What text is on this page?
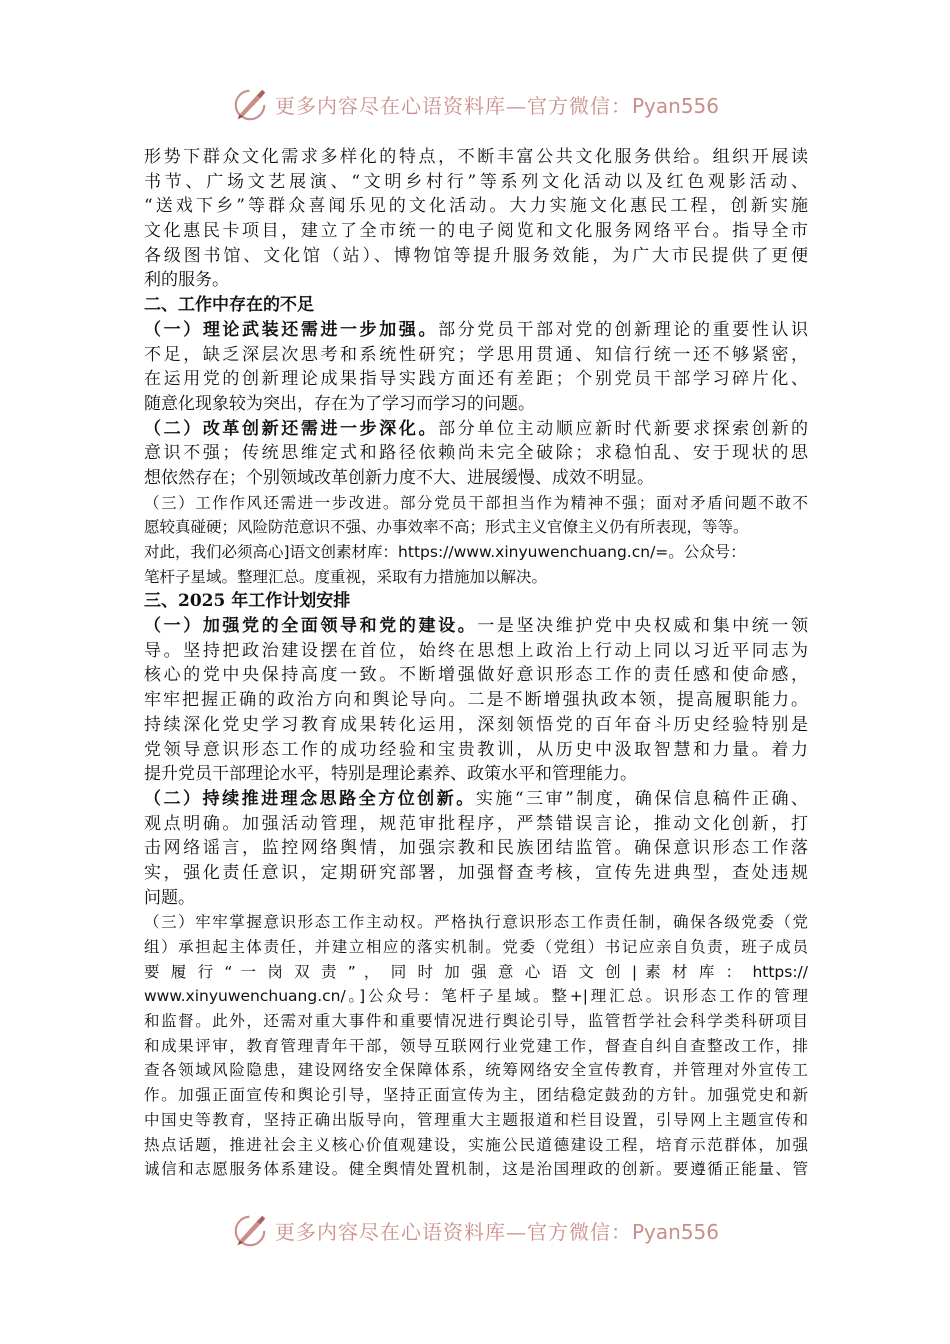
更多内容尽在心语资料库—官方微信：Pyan556
形势下群众文化需求多样化的特点，不断丰富公共文化服务供给。组织开展读
书节、广场文艺展演、“文明乡村行”等系列文化活动以及红色观影活动、
“送戏下乡”等群众喜闻乐见的文化活动。大力实施文化惠民工程，创新实施
文化惠民卡项目，建立了全市统一的电子阅览和文化服务网络平台。指导全市
各级图书馆、文化馆（站）、博物馆等提升服务效能，为广大市民提供了更便
利的服务。
二、工作中存在的不足
（一）理论武装还需进一步加强。部分党员干部对党的创新理论的重要性认识
不足，缺乏深层次思考和系统性研究；学思用贯通、知信行统一还不够紧密，
在运用党的创新理论成果指导实践方面还有差距；个别党员干部学习碎片化、
随意化现象较为突出，存在为了学习而学习的问题。
（二）改革创新还需进一步深化。部分单位主动顺应新时代新要求探索创新的
意识不强；传统思维定式和路径依赖尚未完全破除；求稳怕乱、安于现状的思
想依然存在；个别领域改革创新力度不大、进展缓慢、成效不明显。
（三）工作作风还需进一步改进。部分党员干部担当作为精神不强；面对矛盾问题不敢不
愿较真碰硬；风险防范意识不强、办事效率不高；形式主义官僚主义仍有所表现，等等。
对此，我们必须高心]语文创素材库：https://www.xinyuwenchuang.cn/=。公众号：
笔杆子星域。整理汇总。度重视，采取有力措施加以解决。
三、2025 年工作计划安排
（一）加强党的全面领导和党的建设。一是坚决维护党中央权威和集中统一领
导。坚持把政治建设摆在首位，始终在思想上政治上行动上同以习近平同志为
核心的党中央保持高度一致。不断增强做好意识形态工作的责任感和使命感，
牢牢把握正确的政治方向和舆论导向。二是不断增强执政本领，提高履职能力。
持续深化党史学习教育成果转化运用，深刻领悟党的百年奋斗历史经验特别是
党领导意识形态工作的成功经验和宝贵教训，从历史中汲取智慧和力量。着力
提升党员干部理论水平，特别是理论素养、政策水平和管理能力。
（二）持续推进理念思路全方位创新。实施“三审”制度，确保信息稿件正确、
观点明确。加强活动管理，规范审批程序，严禁错误言论，推动文化创新，打
击网络谣言，监控网络舆情，加强宗教和民族团结监管。确保意识形态工作落
实，强化责任意识，定期研究部署，加强督查考核，宣传先进典型，查处违规
问题。
（三）牢牢掌握意识形态工作主动权。严格执行意识形态工作责任制，确保各级党委（党
组）承担起主体责任，并建立相应的落实机制。党委（党组）书记应亲自负责，班子成员
要 履 行 “ 一 岗 双 责 ” ， 同 时 加 强 意 心 语 文 创 | 素 材 库 ： https://
www.xinyuwenchuang.cn/。]公众号：笔杆子星域。整+|理汇总。识形态工作的管理
和监督。此外，还需对重大事件和重要情况进行舆论引导，监管哲学社会科学类科研项目
和成果评审，教育管理青年干部，领导互联网行业党建工作，督查自纠自查整改工作，排
查各领域风险隐患，建设网络安全保障体系，统筹网络安全宣传教育，并管理对外宣传工
作。加强正面宣传和舆论引导，坚持正面宣传为主，团结稳定鼓劲的方针。加强党史和新
中国史等教育，坚持正确出版导向，管理重大主题报道和栏目设置，引导网上主题宣传和
热点话题，推进社会主义核心价值观建设，实施公民道德建设工程，培育示范群体，加强
诚信和志愿服务体系建设。健全舆情处置机制，这是治国理政的创新。要遵循正能量、管
更多内容尽在心语资料库—官方微信：Pyan556
